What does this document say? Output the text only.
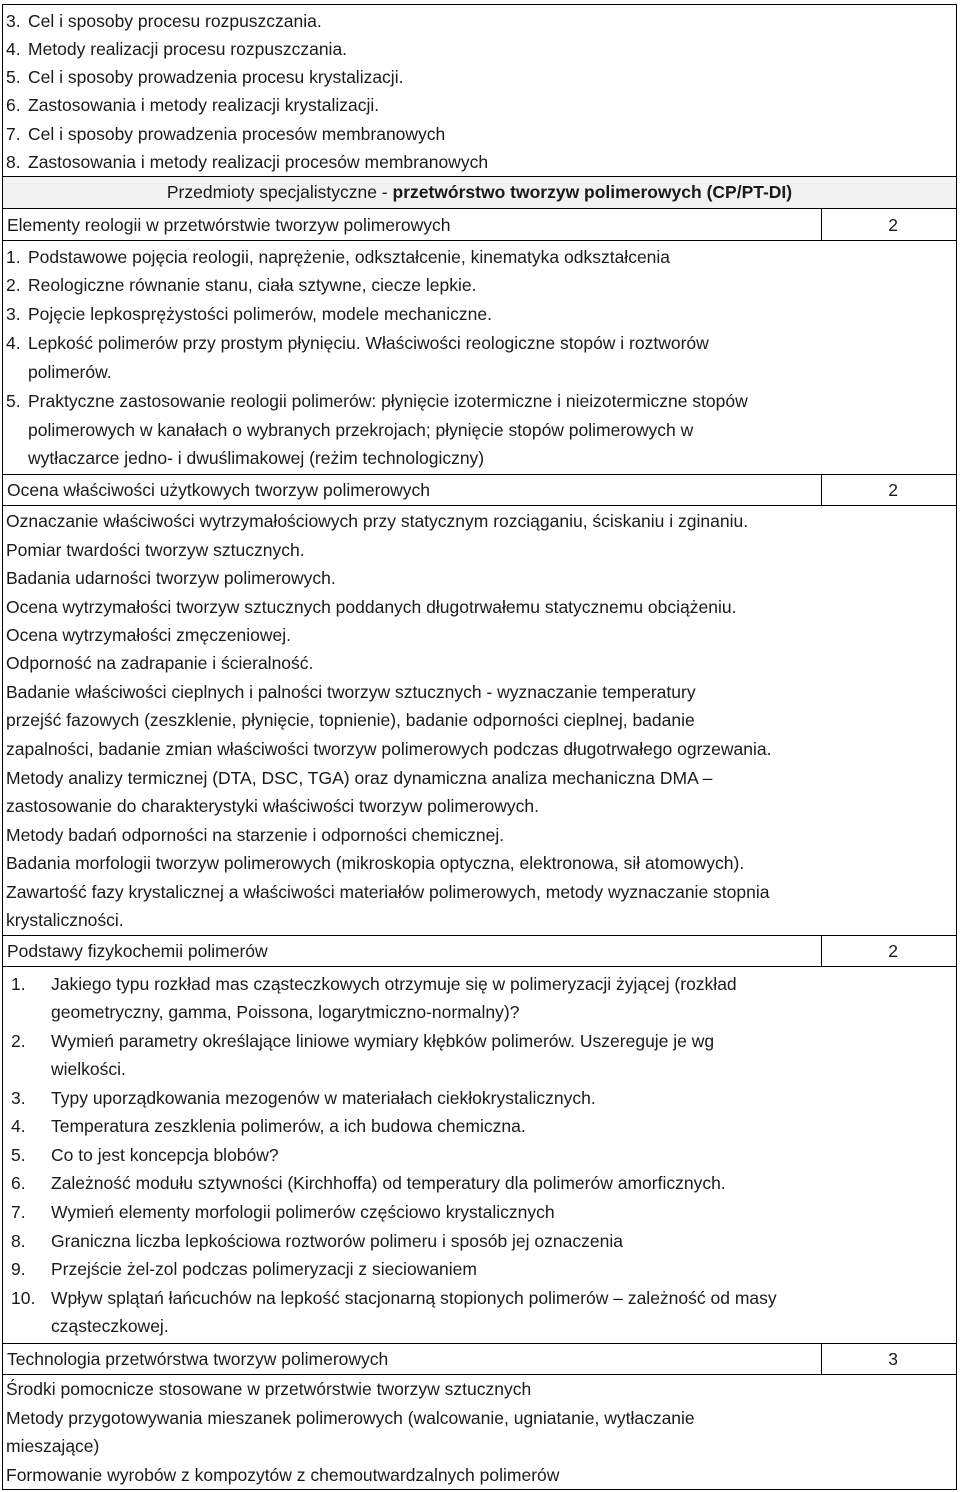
3. Cel i sposoby procesu rozpuszczania.
4. Metody realizacji procesu rozpuszczania.
5. Cel i sposoby prowadzenia procesu krystalizacji.
6. Zastosowania i metody realizacji krystalizacji.
7. Cel i sposoby prowadzenia procesów membranowych
8. Zastosowania i metody realizacji procesów membranowych
Przedmioty specjalistyczne - przetwórstwo tworzyw polimerowych (CP/PT-DI)
Elementy reologii w przetwórstwie tworzyw polimerowych	2
1. Podstawowe pojęcia reologii, naprężenie, odkształcenie, kinematyka odkształcenia
2. Reologiczne równanie stanu, ciała sztywne, ciecze lepkie.
3. Pojęcie lepkosprężystości polimerów, modele mechaniczne.
4. Lepkość polimerów przy prostym płynięciu. Właściwości reologiczne stopów i roztworów
polimerów.
5. Praktyczne zastosowanie reologii polimerów: płynięcie izotermiczne i nieizotermiczne stopów
polimerowych w kanałach o wybranych przekrojach; płynięcie stopów polimerowych w
wytłaczarce jedno- i dwuślimakowej (reżim technologiczny)
Ocena właściwości użytkowych tworzyw polimerowych	2
Oznaczanie właściwości wytrzymałościowych przy statycznym rozciąganiu, ściskaniu i zginaniu.
Pomiar twardości tworzyw sztucznych.
Badania udarności tworzyw polimerowych.
Ocena wytrzymałości tworzyw sztucznych poddanych długotrwałemu statycznemu obciążeniu.
Ocena wytrzymałości zmęczeniowej.
Odporność na zadrapanie i ścieralność.
Badanie właściwości cieplnych i palności tworzyw sztucznych - wyznaczanie temperatury
przejść fazowych (zeszklenie, płynięcie, topnienie), badanie odporności cieplnej, badanie
zapalności, badanie zmian właściwości tworzyw polimerowych podczas długotrwałego ogrzewania.
Metody analizy termicznej (DTA, DSC, TGA) oraz dynamiczna analiza mechaniczna DMA –
zastosowanie do charakterystyki właściwości tworzyw polimerowych.
Metody badań odporności na starzenie i odporności chemicznej.
Badania morfologii tworzyw polimerowych (mikroskopia optyczna, elektronowa, sił atomowych).
Zawartość fazy krystalicznej a właściwości materiałów polimerowych, metody wyznaczanie stopnia
krystaliczności.
Podstawy fizykochemii polimerów	2
1. Jakiego typu rozkład mas cząsteczkowych otrzymuje się w polimeryzacji żyjącej (rozkład
geometryczny, gamma, Poissona, logarytmiczno-normalny)?
2. Wymień parametry określające liniowe wymiary kłębków polimerów. Uszereguje je wg
wielkości.
3. Typy uporządkowania mezogenów w materiałach ciekłokrystalicznych.
4. Temperatura zeszklenia polimerów, a ich budowa chemiczna.
5. Co to jest koncepcja blobów?
6. Zależność modułu sztywności (Kirchhoffa) od temperatury dla polimerów amorficznych.
7. Wymień elementy morfologii polimerów częściowo krystalicznych
8. Graniczna liczba lepkościowa roztworów polimeru i sposób jej oznaczenia
9. Przejście żel-zol podczas polimeryzacji z sieciowaniem
10. Wpływ splątań łańcuchów na lepkość stacjonarną stopionych polimerów – zależność od masy
cząsteczkowej.
Technologia przetwórstwa tworzyw polimerowych	3
Środki pomocnicze stosowane w przetwórstwie tworzyw sztucznych
Metody przygotowywania mieszanek polimerowych (walcowanie, ugniatanie, wytłaczanie
mieszające)
Formowanie wyrobów z kompozytów z chemoutwardzalnych polimerów
